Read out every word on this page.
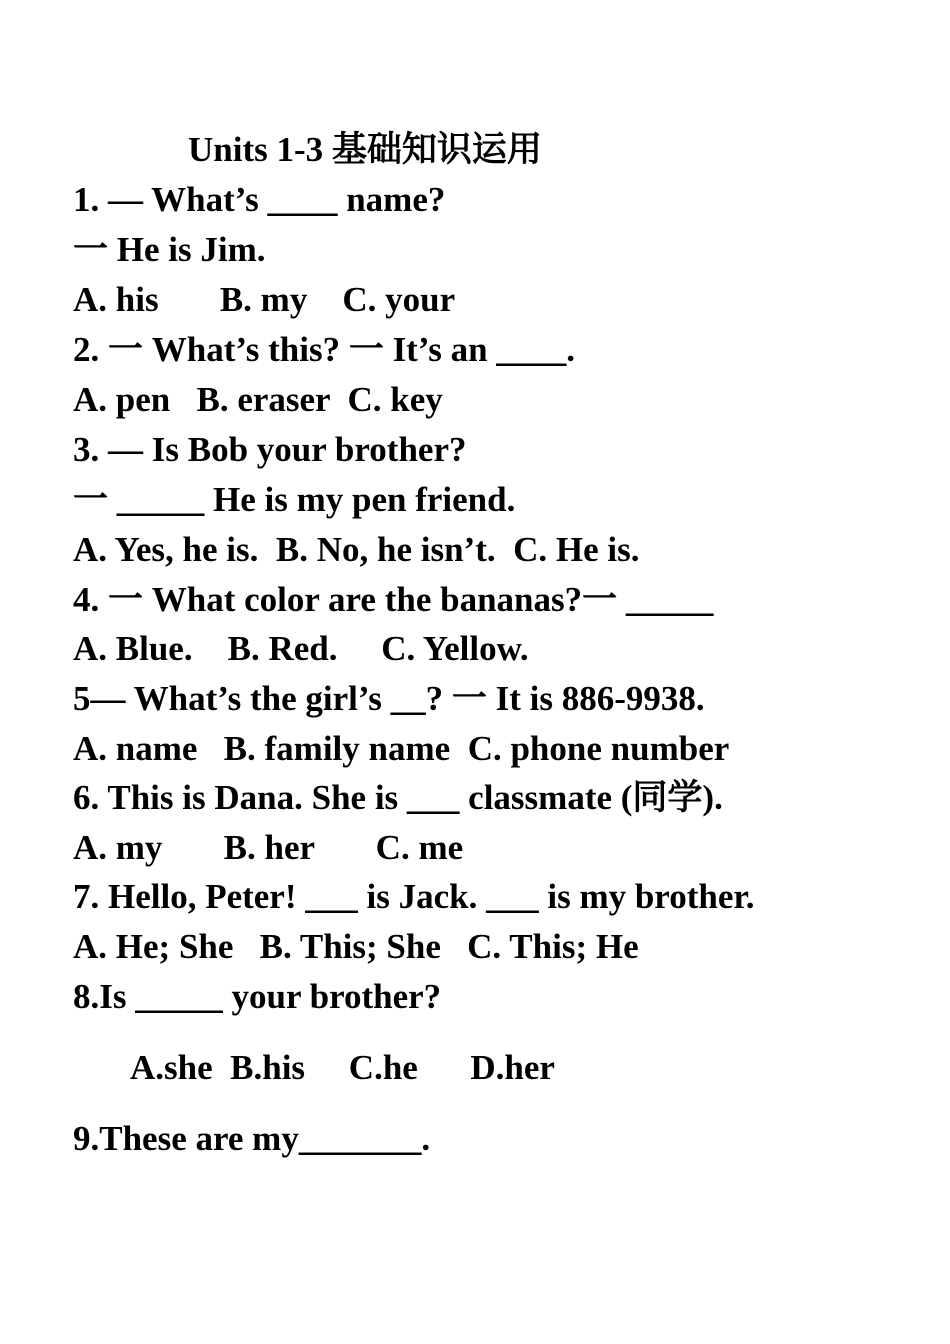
Units 1-3 基础知识运用
1. — What’s ____ name?
一 He is Jim.
A. his       B. my    C. your
2. 一 What’s this? 一 It’s an ____.
A. pen   B. eraser  C. key
3. — Is Bob your brother?
一 _____ He is my pen friend.
A. Yes, he is.  B. No, he isn’t.  C. He is.
4. 一 What color are the bananas?一 _____
A. Blue.    B. Red.     C. Yellow.
5— What’s the girl’s __? 一 It is 886-9938.
A. name   B. family name  C. phone number
6. This is Dana. She is ___ classmate (同学).
A. my       B. her       C. me
7. Hello, Peter! ___ is Jack. ___ is my brother.
A. He; She   B. This; She   C. This; He
8.Is _____ your brother?
A.she  B.his     C.he      D.her
9.These are my_______.
